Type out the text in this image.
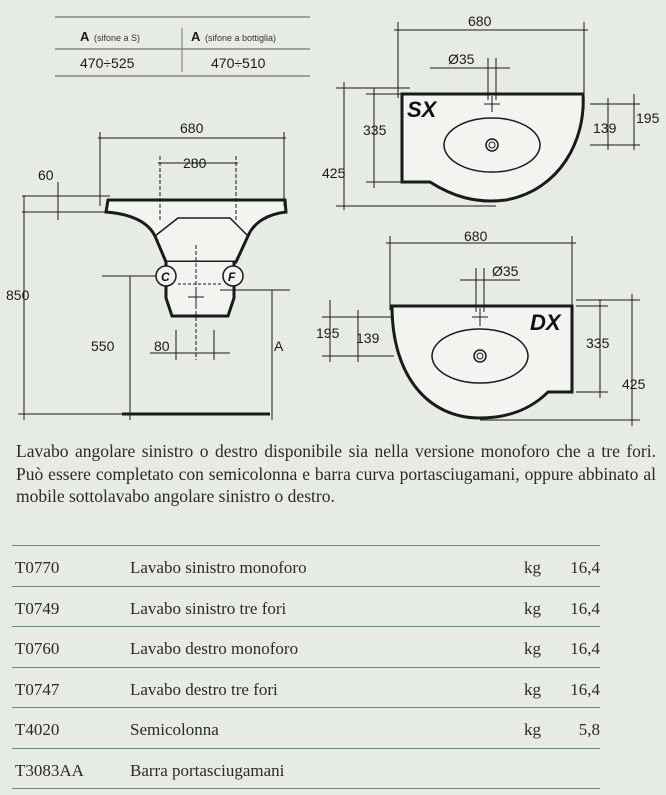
A (sifone a S)	A (sifone a bottiglia)
470÷525	470÷510
C	F
680
280
60
850
550	80	A
SX
680
Ø35
335
425
139
195
DX
680
Ø35
335
425
139
195

Lavabo angolare sinistro o destro disponibile sia nella versione monoforo che a tre fori. Può essere completato con semicolonna e barra curva portasciugamani, oppure abbinato al mobile sottolavabo angolare sinistro o destro.

T0770	Lavabo sinistro monoforo	kg 16,4
T0749	Lavabo sinistro tre fori	kg 16,4
T0760	Lavabo destro monoforo	kg 16,4
T0747	Lavabo destro tre fori	kg 16,4
T4020	Semicolonna	kg 5,8
T3083AA	Barra portasciugamani
